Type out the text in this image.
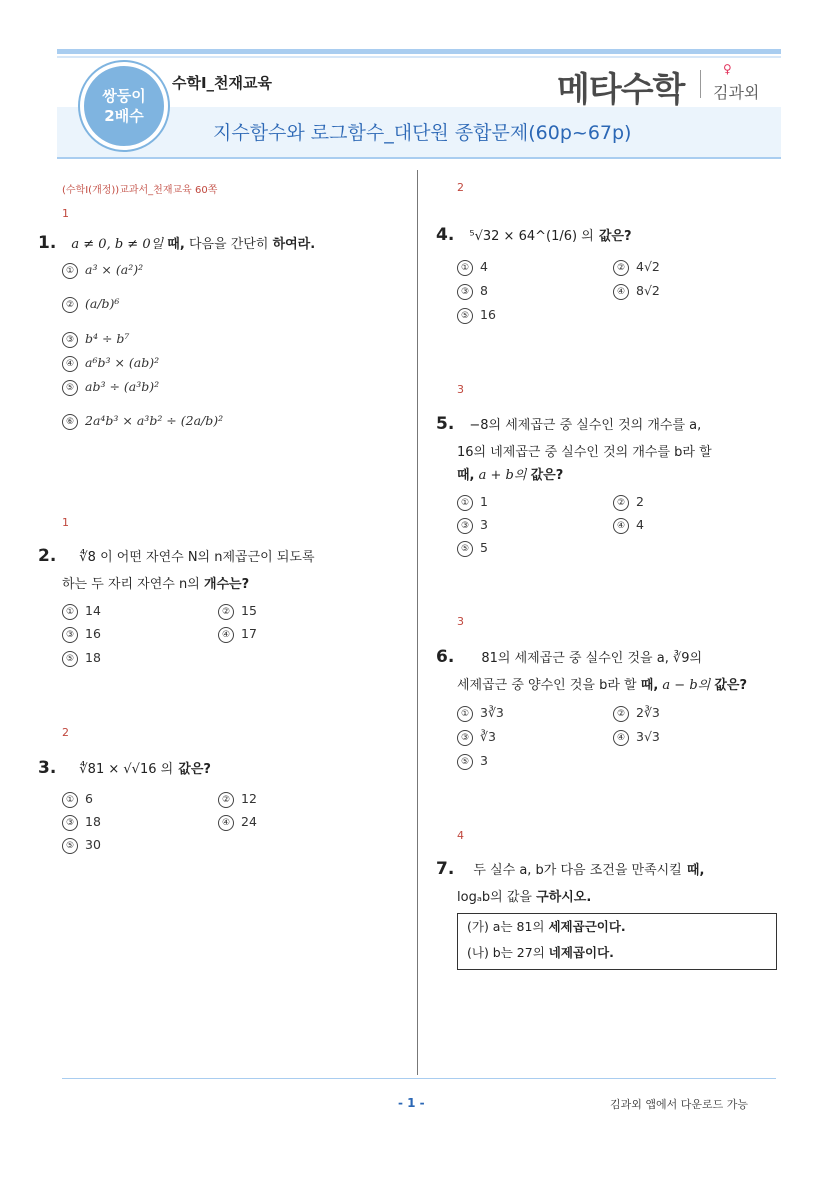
쌍둥이
2배수
수학Ⅰ_천재교육
지수함수와 로그함수_대단원 종합문제(60p~67p)
메타수학
♀
김과외
(수학Ⅰ(개정))교과서_천재교육 60쪽
1
1. a ≠ 0, b ≠ 0일 때, 다음을 간단히 하여라.
① a³ × (a²)²
② (a/b)⁶
③ b⁴ ÷ b⁷
④ a⁶b³ × (ab)²
⑤ ab³ ÷ (a³b)²
⑥ 2a⁴b³ × a³b² ÷ (2a/b)²
1
2. ∜8 이 어떤 자연수 N의 n제곱근이 되도록
하는 두 자리 자연수 n의 개수는?
① 14	② 15
③ 16	④ 17
⑤ 18
2
3. ∜81 × √√16 의 값은?
① 6	② 12
③ 18	④ 24
⑤ 30
2
4. ⁵√32 × 64^(1/6) 의 값은?
① 4	② 4√2
③ 8	④ 8√2
⑤ 16
3
5. −8의 세제곱근 중 실수인 것의 개수를 a,
16의 네제곱근 중 실수인 것의 개수를 b라 할
때, a + b의 값은?
① 1	② 2
③ 3	④ 4
⑤ 5
3
6. 81의 세제곱근 중 실수인 것을 a, ∛9의
세제곱근 중 양수인 것을 b라 할 때, a − b의 값은?
① 3∛3	② 2∛3
③ ∛3	④ 3√3
⑤ 3
4
7. 두 실수 a, b가 다음 조건을 만족시킬 때,
logₐb의 값을 구하시오.
(가) a는 81의 세제곱근이다.
(나) b는 27의 네제곱이다.
- 1 -	김과외 앱에서 다운로드 가능
